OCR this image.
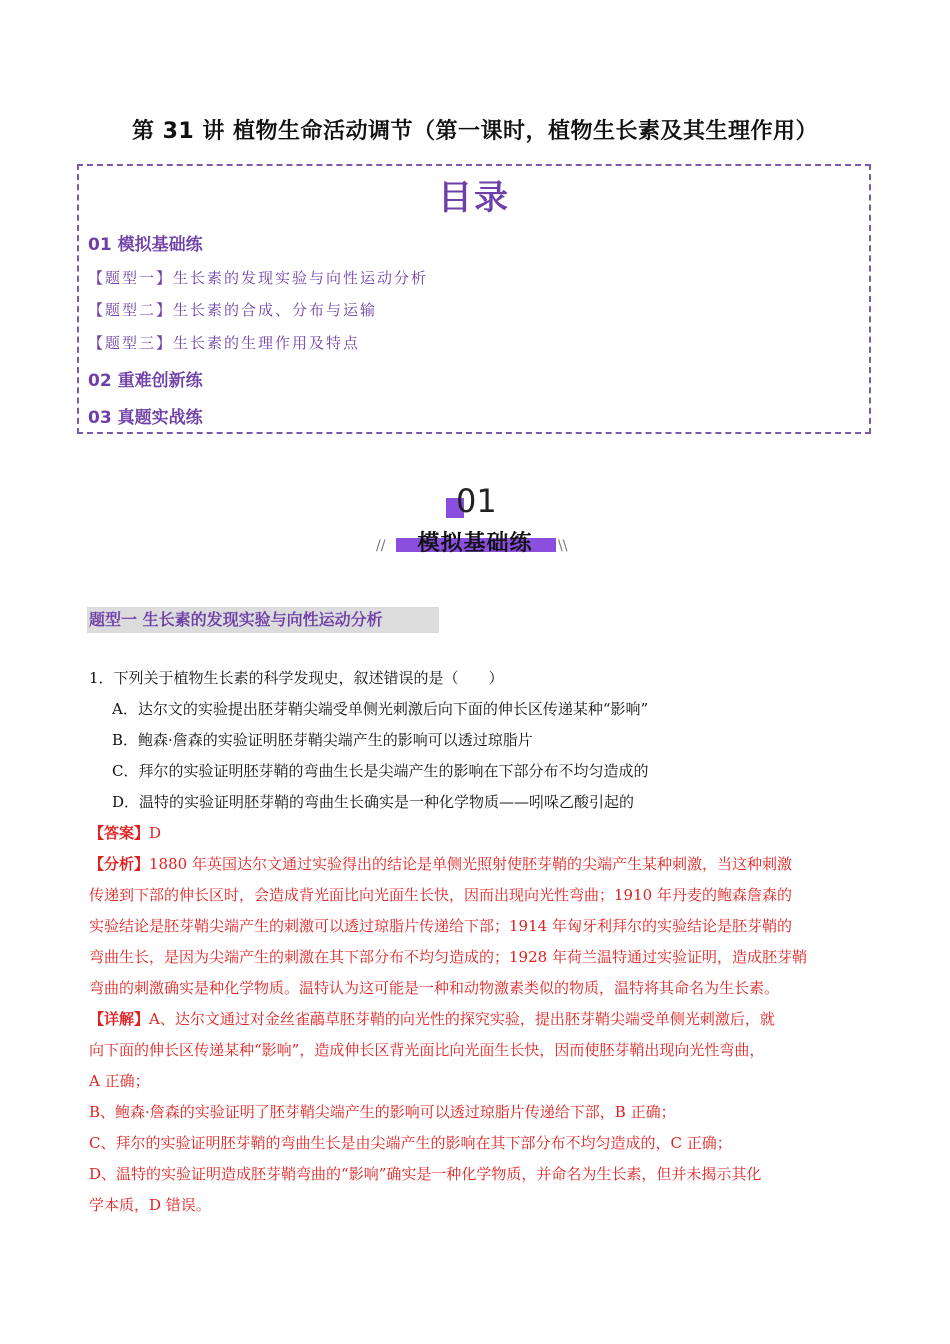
第 31 讲 植物生命活动调节（第一课时，植物生长素及其生理作用）
目录
01 模拟基础练
【题型一】生长素的发现实验与向性运动分析
【题型二】生长素的合成、分布与运输
【题型三】生长素的生理作用及特点
02 重难创新练
03 真题实战练
01
模拟基础练
//	\\
题型一 生长素的发现实验与向性运动分析
1．下列关于植物生长素的科学发现史，叙述错误的是（　　）
A．达尔文的实验提出胚芽鞘尖端受单侧光刺激后向下面的伸长区传递某种“影响”
B．鲍森·詹森的实验证明胚芽鞘尖端产生的影响可以透过琼脂片
C．拜尔的实验证明胚芽鞘的弯曲生长是尖端产生的影响在下部分布不均匀造成的
D．温特的实验证明胚芽鞘的弯曲生长确实是一种化学物质——吲哚乙酸引起的
【答案】D
【分析】1880 年英国达尔文通过实验得出的结论是单侧光照射使胚芽鞘的尖端产生某种刺激，当这种刺激
传递到下部的伸长区时，会造成背光面比向光面生长快，因而出现向光性弯曲；1910 年丹麦的鲍森詹森的
实验结论是胚芽鞘尖端产生的刺激可以透过琼脂片传递给下部；1914 年匈牙利拜尔的实验结论是胚芽鞘的
弯曲生长，是因为尖端产生的刺激在其下部分布不均匀造成的；1928 年荷兰温特通过实验证明，造成胚芽鞘
弯曲的刺激确实是种化学物质。温特认为这可能是一种和动物激素类似的物质，温特将其命名为生长素。
【详解】A、达尔文通过对金丝雀虉草胚芽鞘的向光性的探究实验，提出胚芽鞘尖端受单侧光刺激后，就
向下面的伸长区传递某种“影响”，造成伸长区背光面比向光面生长快，因而使胚芽鞘出现向光性弯曲，
A 正确；
B、鲍森·詹森的实验证明了胚芽鞘尖端产生的影响可以透过琼脂片传递给下部，B 正确；
C、拜尔的实验证明胚芽鞘的弯曲生长是由尖端产生的影响在其下部分布不均匀造成的，C 正确；
D、温特的实验证明造成胚芽鞘弯曲的“影响”确实是一种化学物质，并命名为生长素，但并未揭示其化
学本质，D 错误。
